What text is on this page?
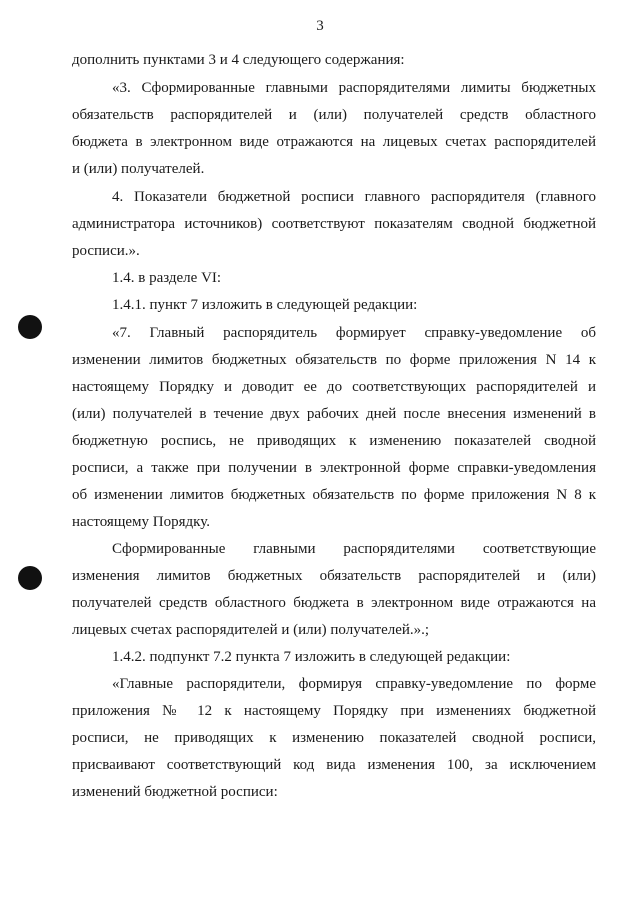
3
дополнить пунктами 3 и 4 следующего содержания:
«3. Сформированные главными распорядителями лимиты бюджетных
обязательств распорядителей и (или) получателей средств областного
бюджета в электронном виде отражаются на лицевых счетах распорядителей
и (или) получателей.
4. Показатели бюджетной росписи главного распорядителя (главного
администратора источников) соответствуют показателям сводной бюджетной
росписи.».
1.4. в разделе VI:
1.4.1. пункт 7 изложить в следующей редакции:
«7. Главный распорядитель формирует справку-уведомление об
изменении лимитов бюджетных обязательств по форме приложения N 14 к
настоящему Порядку и доводит ее до соответствующих распорядителей и
(или) получателей в течение двух рабочих дней после внесения изменений в
бюджетную роспись, не приводящих к изменению показателей сводной
росписи, а также при получении в электронной форме справки-уведомления
об изменении лимитов бюджетных обязательств по форме приложения N 8 к
настоящему Порядку.
Сформированные главными распорядителями соответствующие
изменения лимитов бюджетных обязательств распорядителей и (или)
получателей средств областного бюджета в электронном виде отражаются на
лицевых счетах распорядителей и (или) получателей.».;
1.4.2. подпункт 7.2 пункта 7 изложить в следующей редакции:
«Главные распорядители, формируя справку-уведомление по форме
приложения № 12 к настоящему Порядку при изменениях бюджетной
росписи, не приводящих к изменению показателей сводной росписи,
присваивают соответствующий код вида изменения 100, за исключением
изменений бюджетной росписи:
